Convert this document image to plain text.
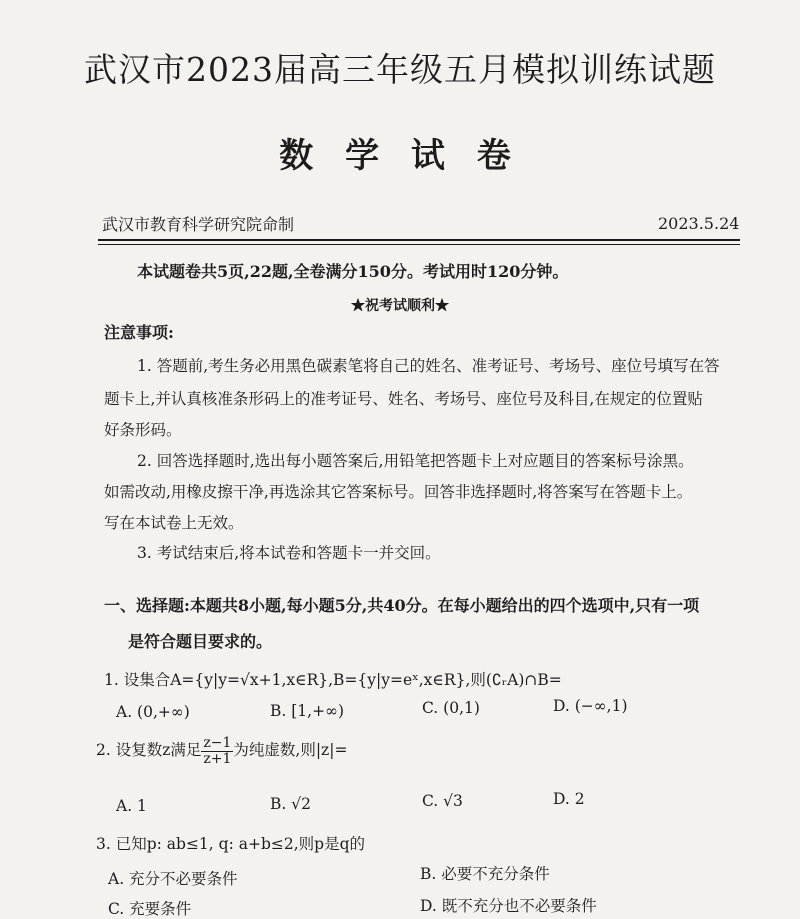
武汉市2023届高三年级五月模拟训练试题
数 学 试 卷
武汉市教育科学研究院命制	2023.5.24
本试题卷共5页,22题,全卷满分150分。考试用时120分钟。
★祝考试顺利★
注意事项:
1. 答题前,考生务必用黑色碳素笔将自己的姓名、准考证号、考场号、座位号填写在答
题卡上,并认真核准条形码上的准考证号、姓名、考场号、座位号及科目,在规定的位置贴
好条形码。
2. 回答选择题时,选出每小题答案后,用铅笔把答题卡上对应题目的答案标号涂黑。
如需改动,用橡皮擦干净,再选涂其它答案标号。回答非选择题时,将答案写在答题卡上。
写在本试卷上无效。
3. 考试结束后,将本试卷和答题卡一并交回。
一、选择题:本题共8小题,每小题5分,共40分。在每小题给出的四个选项中,只有一项
是符合题目要求的。
1. 设集合A={y|y=√x+1,x∈R},B={y|y=eˣ,x∈R},则(∁ᵣA)∩B=
A. (0,+∞)	B. [1,+∞)	C. (0,1)	D. (−∞,1)
2. 设复数z满足 $\frac{z-1}{z+1}$ 为纯虚数,则|z|=
A. 1	B. √2	C. √3	D. 2
3. 已知p: ab≤1, q: a+b≤2,则p是q的
A. 充分不必要条件	B. 必要不充分条件
C. 充要条件	D. 既不充分也不必要条件
